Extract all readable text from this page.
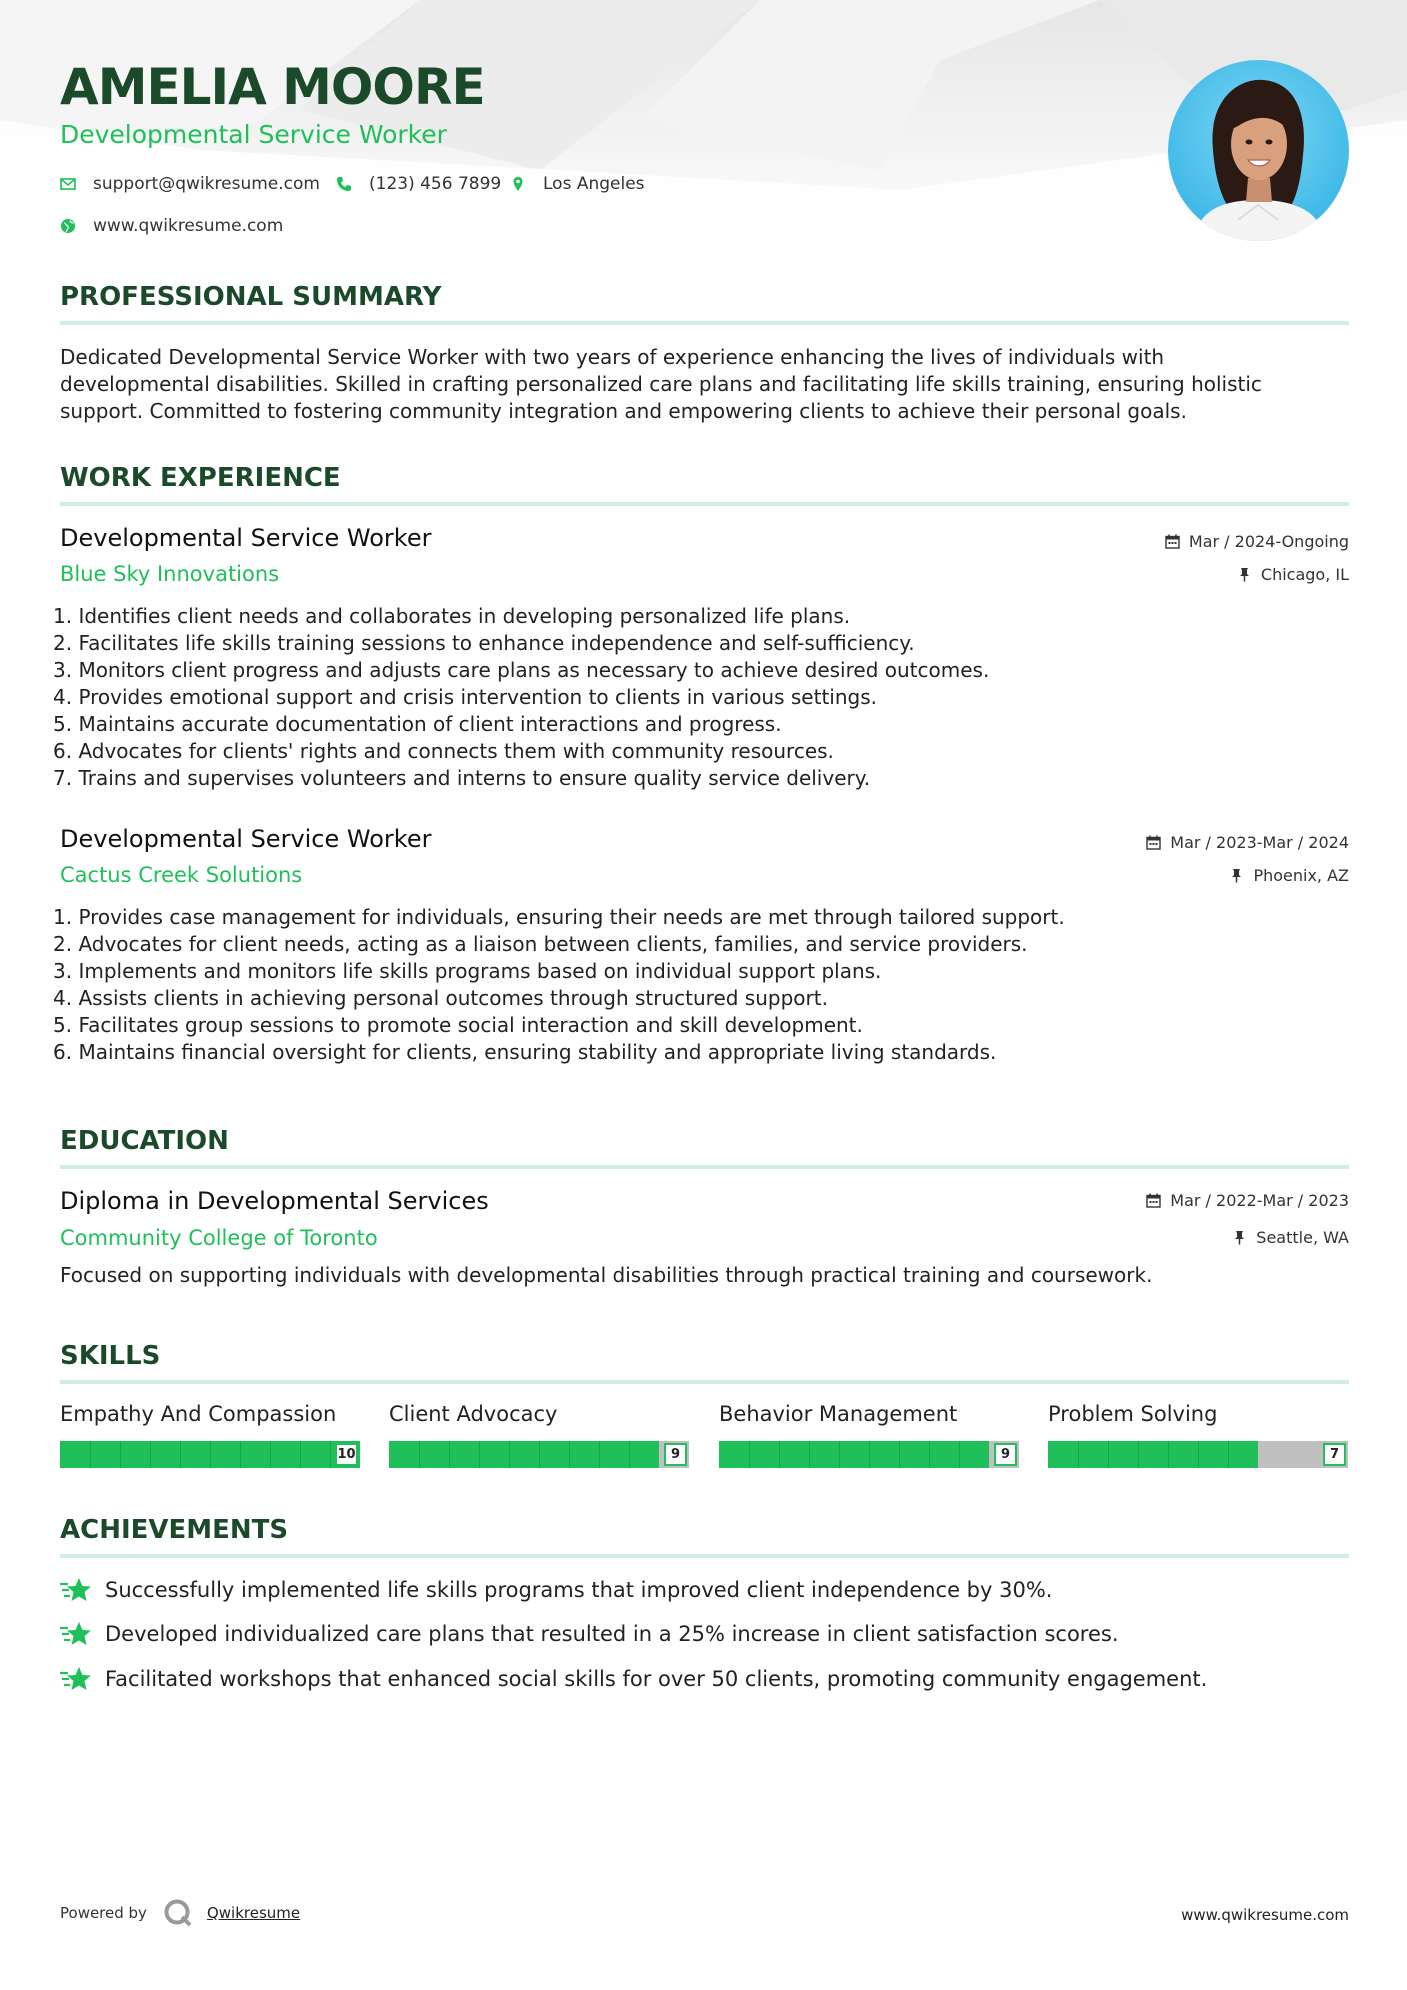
AMELIA MOORE
Developmental Service Worker
support@qwikresume.com	(123) 456 7899 Los Angeles
www.qwikresume.com
PROFESSIONAL SUMMARY
Dedicated Developmental Service Worker with two years of experience enhancing the lives of individuals with
developmental disabilities. Skilled in crafting personalized care plans and facilitating life skills training, ensuring holistic
support. Committed to fostering community integration and empowering clients to achieve their personal goals.
WORK EXPERIENCE
Developmental Service Worker
Blue Sky Innovations
Mar / 2024-Ongoing
Chicago, IL
1. Identifies client needs and collaborates in developing personalized life plans.
2. Facilitates life skills training sessions to enhance independence and self-sufficiency.
3. Monitors client progress and adjusts care plans as necessary to achieve desired outcomes.
4. Provides emotional support and crisis intervention to clients in various settings.
5. Maintains accurate documentation of client interactions and progress.
6. Advocates for clients' rights and connects them with community resources.
7. Trains and supervises volunteers and interns to ensure quality service delivery.
Developmental Service Worker
Cactus Creek Solutions
Mar / 2023-Mar / 2024
Phoenix, AZ
1. Provides case management for individuals, ensuring their needs are met through tailored support.
2. Advocates for client needs, acting as a liaison between clients, families, and service providers.
3. Implements and monitors life skills programs based on individual support plans.
4. Assists clients in achieving personal outcomes through structured support.
5. Facilitates group sessions to promote social interaction and skill development.
6. Maintains financial oversight for clients, ensuring stability and appropriate living standards.
EDUCATION
Diploma in Developmental Services
Community College of Toronto
Mar / 2022-Mar / 2023
Seattle, WA
Focused on supporting individuals with developmental disabilities through practical training and coursework.
SKILLS
Empathy And Compassion	Client Advocacy	Behavior Management	Problem Solving
10	9	9	7
ACHIEVEMENTS
Successfully implemented life skills programs that improved client independence by 30%.
Developed individualized care plans that resulted in a 25% increase in client satisfaction scores.
Facilitated workshops that enhanced social skills for over 50 clients, promoting community engagement.
Powered by	Qwikresume	www.qwikresume.com
